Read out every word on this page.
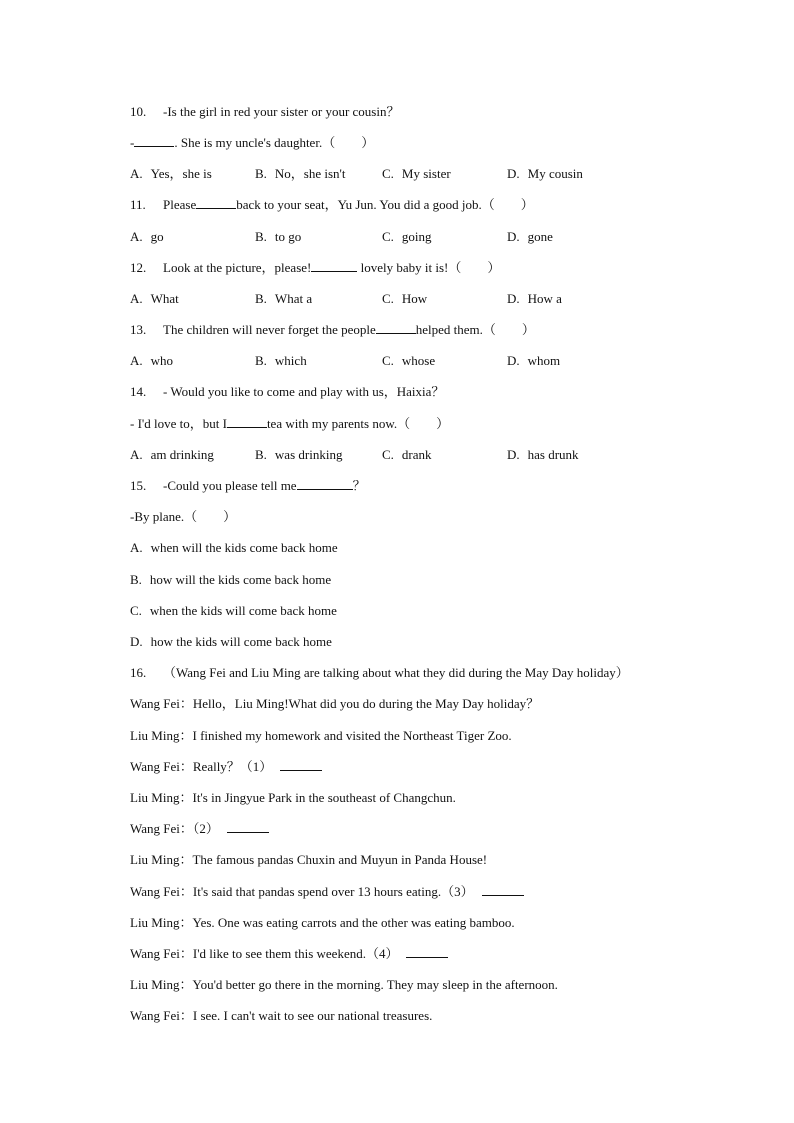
10. -Is the girl in red your sister or your cousin？
-	. She is my uncle's daughter.（　　）
A. Yes，she is	B. No，she isn't	C. My sister	D. My cousin
11. Please	back to your seat，Yu Jun. You did a good job.（　　）
A. go	B. to go	C. going	D. gone
12. Look at the picture，please!	lovely baby it is!（　　）
A. What	B. What a	C. How	D. How a
13. The children will never forget the people	helped them.（　　）
A. who	B. which	C. whose	D. whom
14. - Would you like to come and play with us，Haixia？
- I'd love to，but I	tea with my parents now.（　　）
A. am drinking	B. was drinking	C. drank	D. has drunk
15. -Could you please tell me	？
-By plane.（　　）
A. when will the kids come back home
B. how will the kids come back home
C. when the kids will come back home
D. how the kids will come back home
16. （Wang Fei and Liu Ming are talking about what they did during the May Day holiday）
Wang Fei：Hello，Liu Ming!What did you do during the May Day holiday？
Liu Ming：I finished my homework and visited the Northeast Tiger Zoo.
Wang Fei：Really？（1）
Liu Ming：It's in Jingyue Park in the southeast of Changchun.
Wang Fei：（2）
Liu Ming：The famous pandas Chuxin and Muyun in Panda House!
Wang Fei：It's said that pandas spend over 13 hours eating.（3）
Liu Ming：Yes. One was eating carrots and the other was eating bamboo.
Wang Fei：I'd like to see them this weekend.（4）
Liu Ming：You'd better go there in the morning. They may sleep in the afternoon.
Wang Fei：I see. I can't wait to see our national treasures.
